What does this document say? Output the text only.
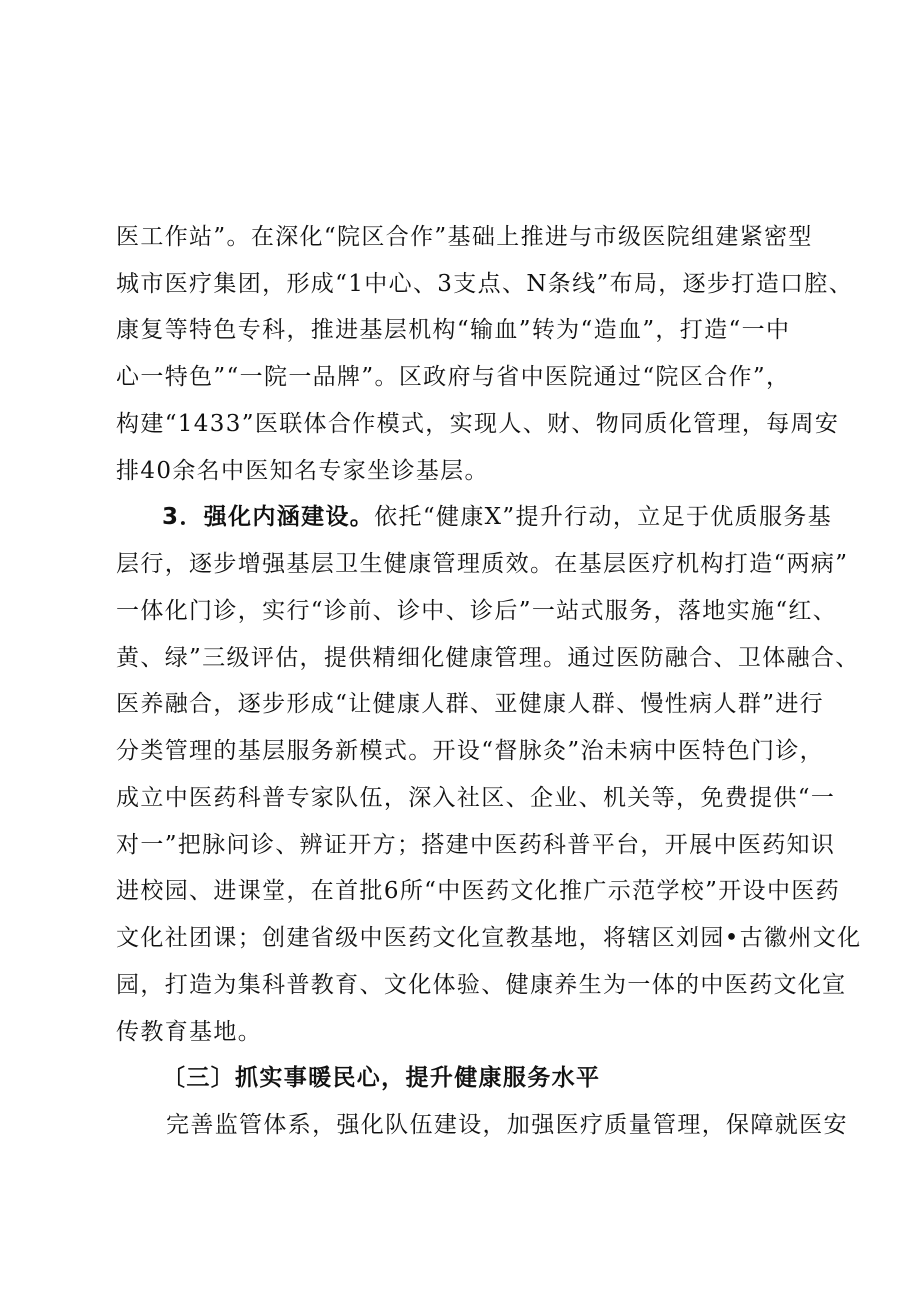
医工作站”。在深化“院区合作”基础上推进与市级医院组建紧密型
城市医疗集团，形成“1中心、3支点、N条线”布局，逐步打造口腔、
康复等特色专科，推进基层机构“输血”转为“造血”，打造“一中
心一特色”“一院一品牌”。区政府与省中医院通过“院区合作”，
构建“1433”医联体合作模式，实现人、财、物同质化管理，每周安
排40余名中医知名专家坐诊基层。
3．强化内涵建设。依托“健康X”提升行动，立足于优质服务基
层行，逐步增强基层卫生健康管理质效。在基层医疗机构打造“两病”
一体化门诊，实行“诊前、诊中、诊后”一站式服务，落地实施“红、
黄、绿”三级评估，提供精细化健康管理。通过医防融合、卫体融合、
医养融合，逐步形成“让健康人群、亚健康人群、慢性病人群”进行
分类管理的基层服务新模式。开设“督脉灸”治未病中医特色门诊，
成立中医药科普专家队伍，深入社区、企业、机关等，免费提供“一
对一”把脉问诊、辨证开方；搭建中医药科普平台，开展中医药知识
进校园、进课堂，在首批6所“中医药文化推广示范学校”开设中医药
文化社团课；创建省级中医药文化宣教基地，将辖区刘园•古徽州文化
园，打造为集科普教育、文化体验、健康养生为一体的中医药文化宣
传教育基地。
〔三〕抓实事暖民心，提升健康服务水平
完善监管体系，强化队伍建设，加强医疗质量管理，保障就医安
